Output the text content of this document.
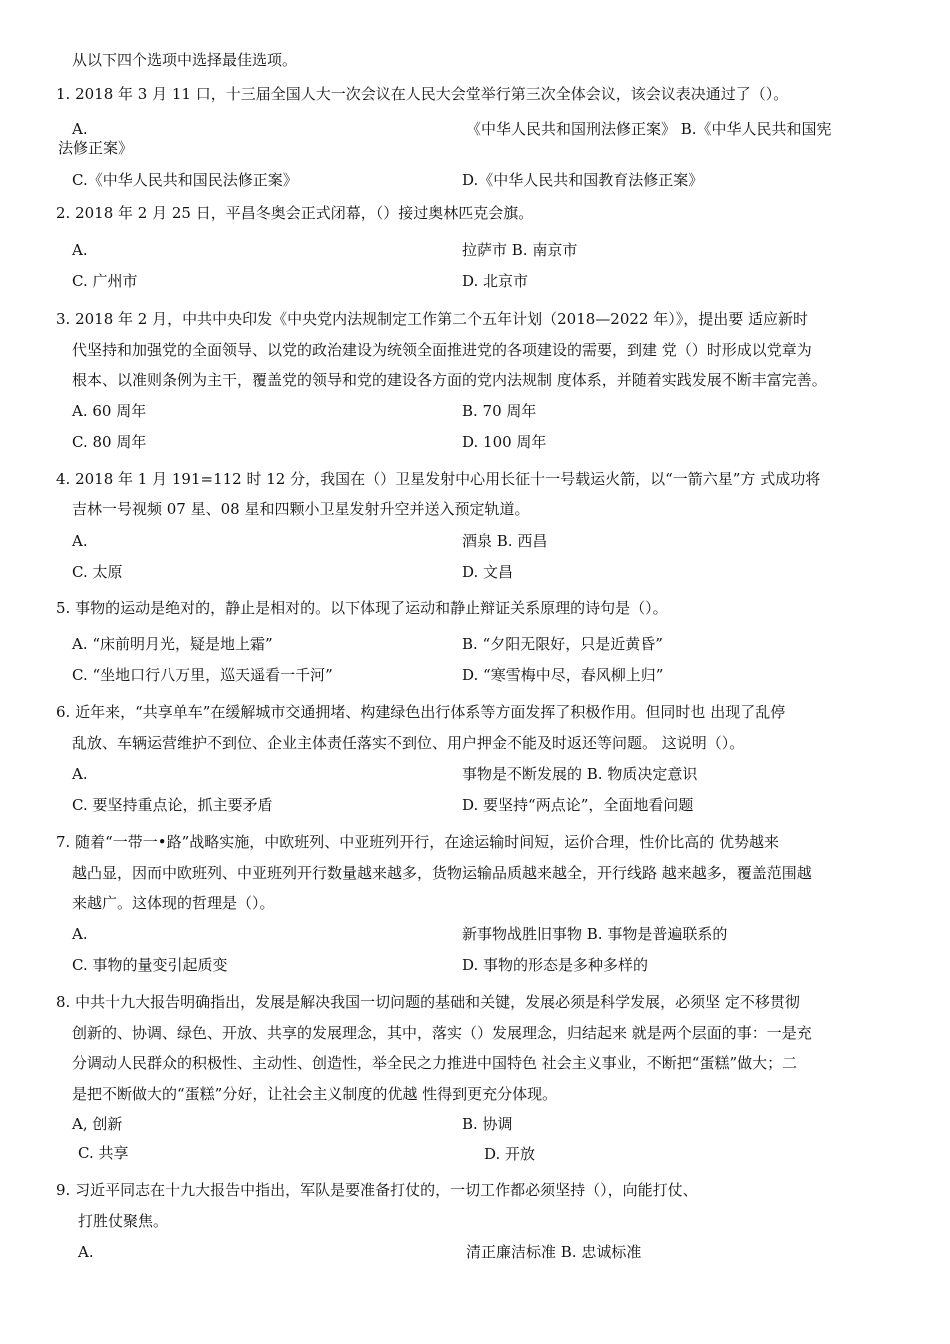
从以下四个选项中选择最佳选项。
1. 2018 年 3 月 11 口，十三届全国人大一次会议在人民大会堂举行第三次全体会议，该会议表决通过了（）。
A.	《中华人民共和国刑法修正案》 B.《中华人民共和国宪
法修正案》
C.《中华人民共和国民法修正案》	D.《中华人民共和国教育法修正案》
2. 2018 年 2 月 25 日，平昌冬奥会正式闭幕，（）接过奥林匹克会旗。
A.	拉萨市 B. 南京市
C. 广州市	D. 北京市
3. 2018 年 2 月，中共中央印发《中央党内法规制定工作第二个五年计划（2018—2022 年）》，提出要 适应新时
代坚持和加强党的全面领导、以党的政治建设为统领全面推进党的各项建设的需要，到建 党（）时形成以党章为
根本、以准则条例为主干，覆盖党的领导和党的建设各方面的党内法规制 度体系，并随着实践发展不断丰富完善。
A. 60 周年	B. 70 周年
C. 80 周年	D. 100 周年
4. 2018 年 1 月 191=112 时 12 分，我国在（）卫星发射中心用长征十一号载运火箭，以“一箭六星”方 式成功将
吉林一号视频 07 星、08 星和四颗小卫星发射升空并送入预定轨道。
A.	酒泉 B. 西昌
C. 太原	D. 文昌
5. 事物的运动是绝对的，静止是相对的。以下体现了运动和静止辩证关系原理的诗句是（）。
A. “床前明月光，疑是地上霜”	B. “夕阳无限好，只是近黄昏”
C. “坐地口行八万里，巡天遥看一千河”	D. “寒雪梅中尽，春风柳上归”
6. 近年来，“共享单车”在缓解城市交通拥堵、构建绿色出行体系等方面发挥了积极作用。但同时也 出现了乱停
乱放、车辆运营维护不到位、企业主体责任落实不到位、用户押金不能及时返还等问题。 这说明（）。
A.	事物是不断发展的 B. 物质决定意识
C. 要坚持重点论，抓主要矛盾	D. 要坚持“两点论”，全面地看问题
7. 随着“一带一•路”战略实施，中欧班列、中亚班列开行，在途运输时间短，运价合理，性价比高的 优势越来
越凸显，因而中欧班列、中亚班列开行数量越来越多，货物运输品质越来越全，开行线路 越来越多，覆盖范围越
来越广。这体现的哲理是（）。
A.	新事物战胜旧事物 B. 事物是普遍联系的
C. 事物的量变引起质变	D. 事物的形态是多种多样的
8. 中共十九大报告明确指出，发展是解决我国一切问题的基础和关键，发展必须是科学发展，必须坚 定不移贯彻
创新的、协调、绿色、开放、共享的发展理念，其中，落实（）发展理念，归结起来 就是两个层面的事：一是充
分调动人民群众的积极性、主动性、创造性，举全民之力推进中国特色 社会主义事业，不断把“蛋糕”做大；二
是把不断做大的“蛋糕”分好，让社会主义制度的优越 性得到更充分体现。
A, 创新	B. 协调
C. 共享	D. 开放
9. 习近平同志在十九大报告中指出，军队是要准备打仗的，一切工作都必须坚持（），向能打仗、
打胜仗聚焦。
A.	清正廉洁标准 B. 忠诚标准
